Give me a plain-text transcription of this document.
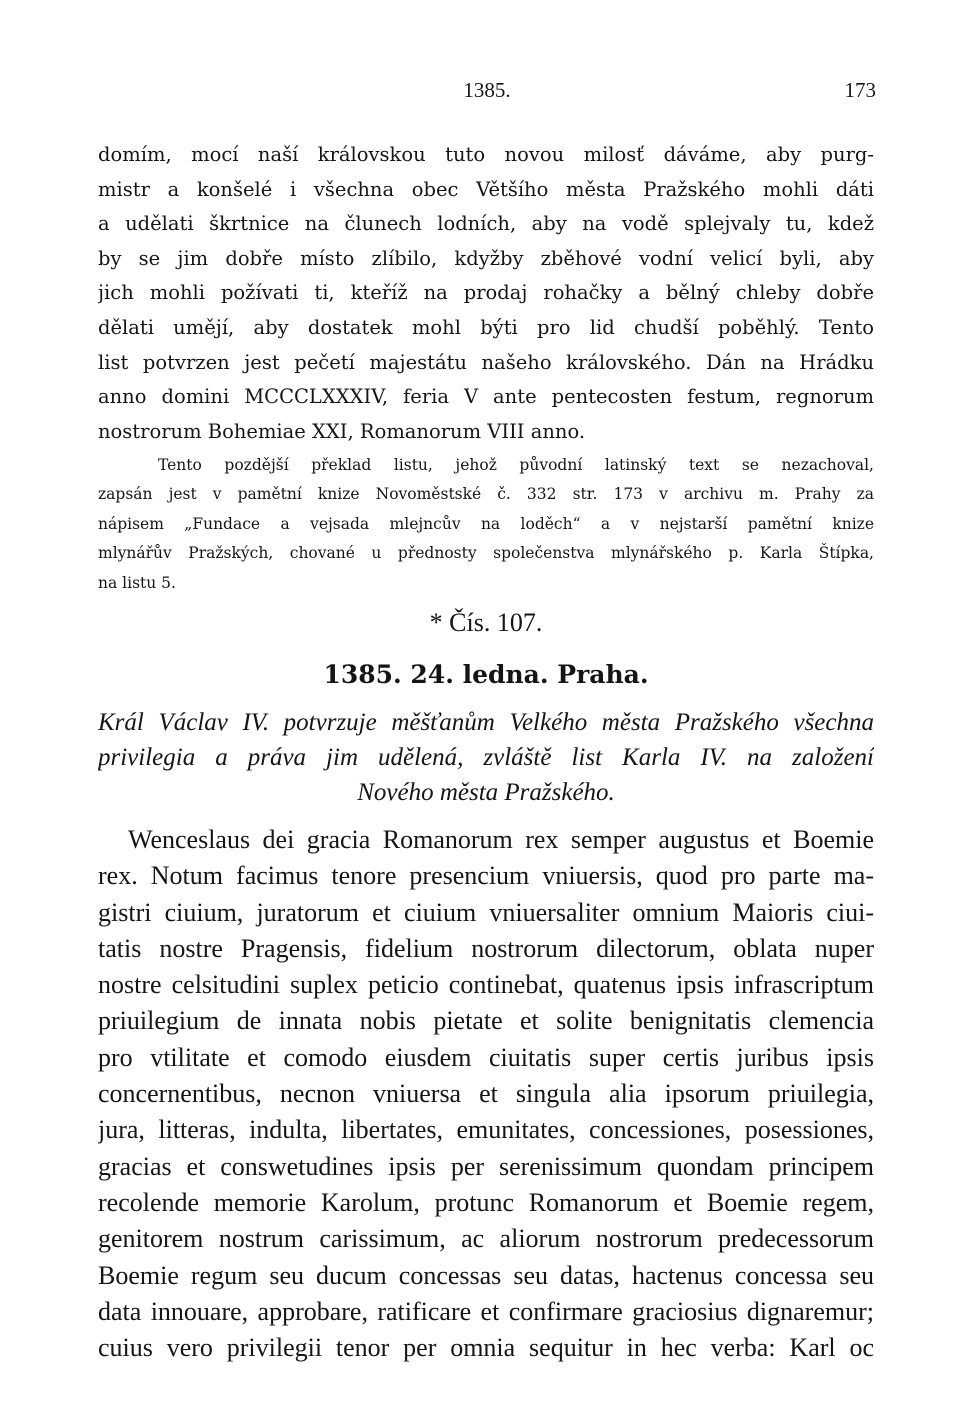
1385.	173
domím, mocí naší královskou tuto novou milosť dáváme, aby purg-
mistr a konšelé i všechna obec Většího města Pražského mohli dáti
a udělati škrtnice na člunech lodních, aby na vodě splejvaly tu, kdež
by se jim dobře místo zlíbilo, kdyžby zběhové vodní velicí byli, aby
jich mohli požívati ti, kteříž na prodaj rohačky a bělný chleby dobře
dělati umějí, aby dostatek mohl býti pro lid chudší poběhlý. Tento
list potvrzen jest pečetí majestátu našeho královského. Dán na Hrádku
anno domini MCCCLXXXIV, feria V ante pentecosten festum, regnorum
nostrorum Bohemiae XXI, Romanorum VIII anno.
Tento pozdější překlad listu, jehož původní latinský text se nezachoval,
zapsán jest v pamětní knize Novoměstské č. 332 str. 173 v archivu m. Prahy za
nápisem „Fundace a vejsada mlejncův na loděch“ a v nejstarší pamětní knize
mlynářův Pražských, chované u přednosty společenstva mlynářského p. Karla Štípka,
na listu 5.
* Čís. 107.
1385. 24. ledna. Praha.
Král Václav IV. potvrzuje měšťanům Velkého města Pražského všechna
privilegia a práva jim udělená, zvláště list Karla IV. na založení
Nového města Pražského.
Wenceslaus dei gracia Romanorum rex semper augustus et Boemie
rex. Notum facimus tenore presencium vniuersis, quod pro parte ma-
gistri ciuium, juratorum et ciuium vniuersaliter omnium Maioris ciui-
tatis nostre Pragensis, fidelium nostrorum dilectorum, oblata nuper
nostre celsitudini suplex peticio continebat, quatenus ipsis infrascriptum
priuilegium de innata nobis pietate et solite benignitatis clemencia
pro vtilitate et comodo eiusdem ciuitatis super certis juribus ipsis
concernentibus, necnon vniuersa et singula alia ipsorum priuilegia,
jura, litteras, indulta, libertates, emunitates, concessiones, posessiones,
gracias et conswetudines ipsis per serenissimum quondam principem
recolende memorie Karolum, protunc Romanorum et Boemie regem,
genitorem nostrum carissimum, ac aliorum nostrorum predecessorum
Boemie regum seu ducum concessas seu datas, hactenus concessa seu
data innouare, approbare, ratificare et confirmare graciosius dignaremur;
cuius vero privilegii tenor per omnia sequitur in hec verba: Karl oc
